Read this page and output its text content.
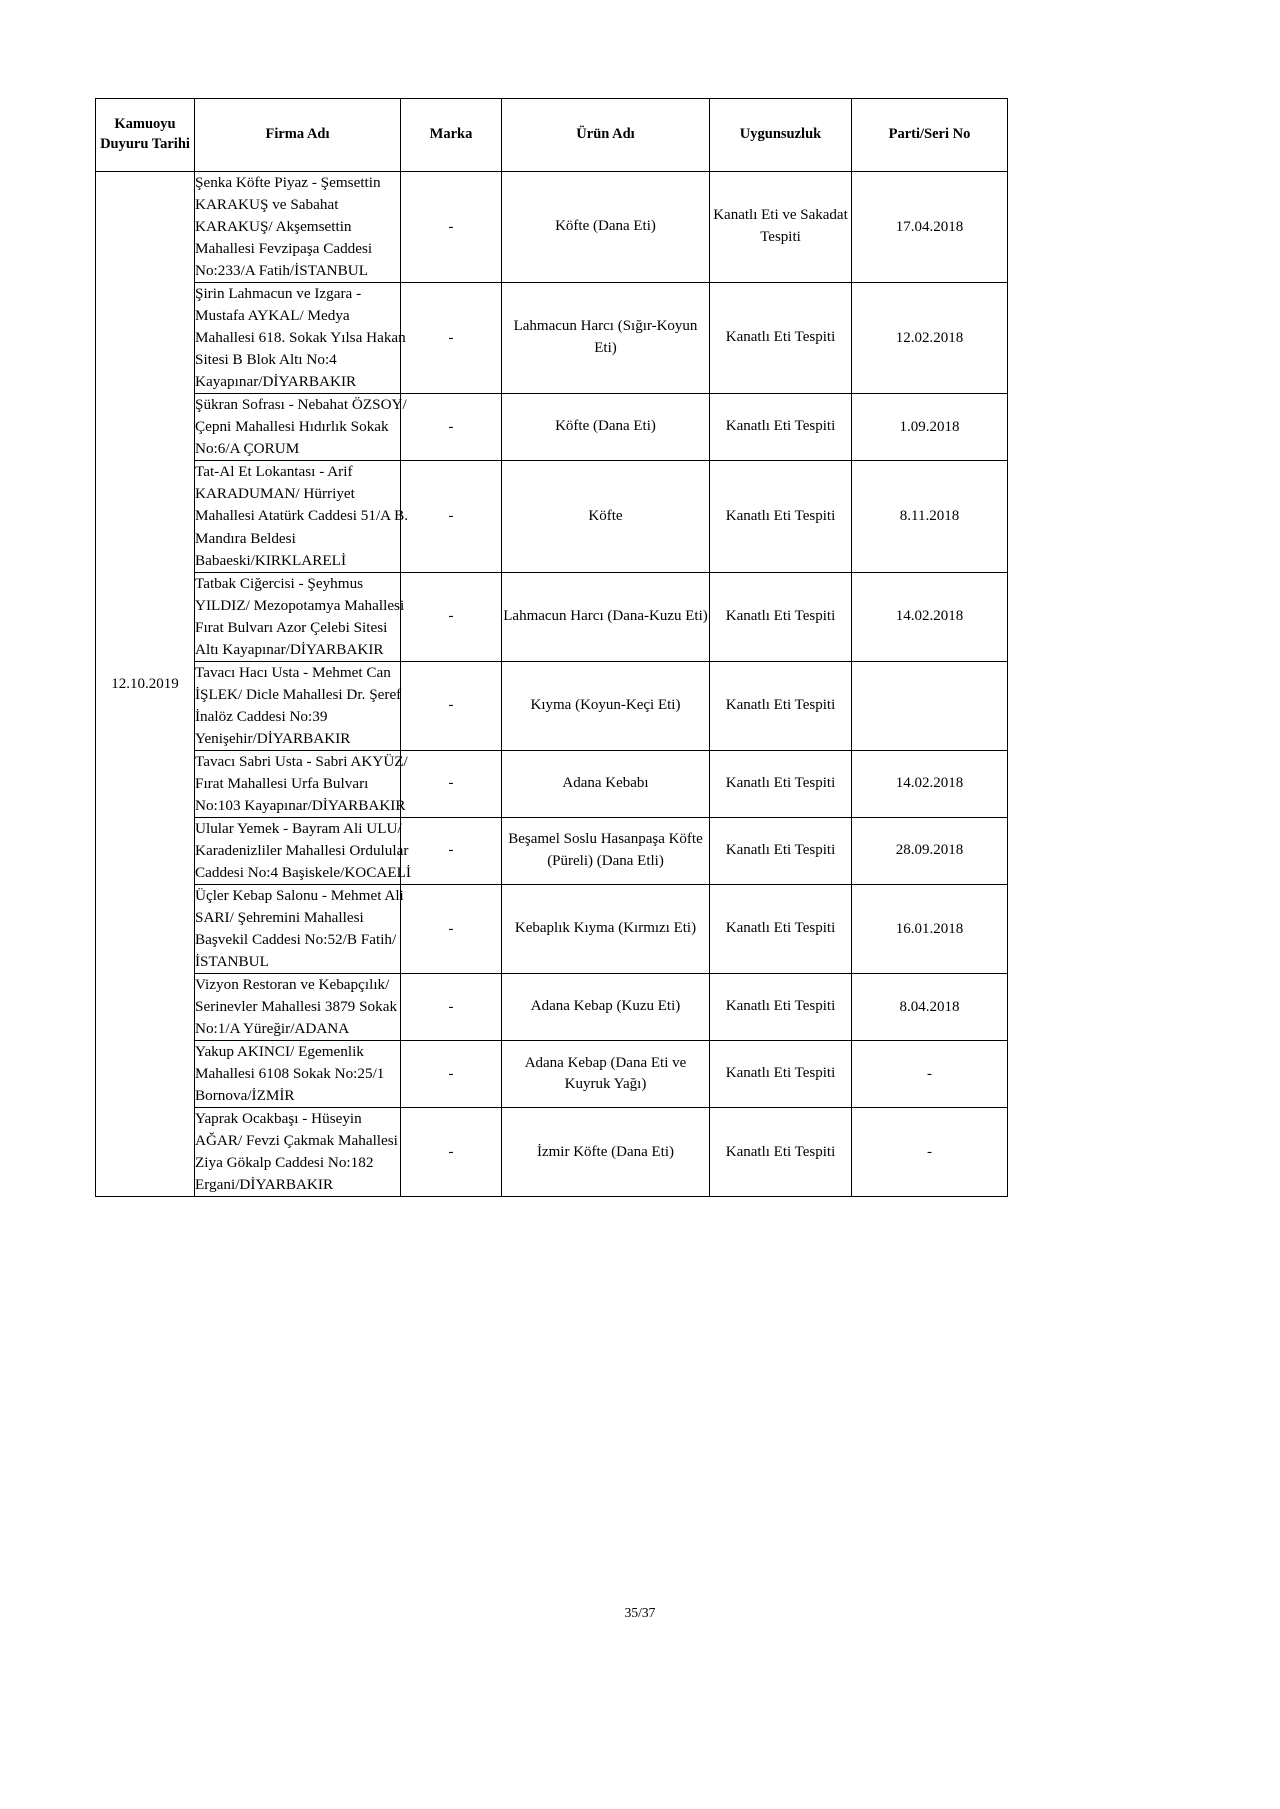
Kamuoyu
Duyuru Tarihi	Firma Adı	Marka	Ürün Adı	Uygunsuzluk	Parti/Seri No
12.10.2019	Şenka Köfte Piyaz - Şemsettin KARAKUŞ ve Sabahat KARAKUŞ/ Akşemsettin Mahallesi Fevzipaşa Caddesi No:233/A Fatih/İSTANBUL	-	Köfte (Dana Eti)	Kanatlı Eti ve Sakadat Tespiti	17.04.2018

	Şirin Lahmacun ve Izgara - Mustafa AYKAL/ Medya Mahallesi 618. Sokak Yılsa Hakan Sitesi B Blok Altı No:4 Kayapınar/DİYARBAKIR	-	Lahmacun Harcı (Sığır-Koyun Eti)	Kanatlı Eti Tespiti	12.02.2018

	Şükran Sofrası - Nebahat ÖZSOY/ Çepni Mahallesi Hıdırlık Sokak No:6/A ÇORUM	-	Köfte (Dana Eti)	Kanatlı Eti Tespiti	1.09.2018

	Tat-Al Et Lokantası - Arif KARADUMAN/ Hürriyet Mahallesi Atatürk Caddesi 51/A B. Mandıra Beldesi Babaeski/KIRKLARELİ	-	Köfte	Kanatlı Eti Tespiti	8.11.2018

	Tatbak Ciğercisi - Şeyhmus YILDIZ/ Mezopotamya Mahallesi Fırat Bulvarı Azor Çelebi Sitesi Altı Kayapınar/DİYARBAKIR	-	Lahmacun Harcı (Dana-Kuzu Eti)	Kanatlı Eti Tespiti	14.02.2018

	Tavacı Hacı Usta - Mehmet Can İŞLEK/ Dicle Mahallesi Dr. Şeref İnalöz Caddesi No:39 Yenişehir/DİYARBAKIR	-	Kıyma (Koyun-Keçi Eti)	Kanatlı Eti Tespiti	

	Tavacı Sabri Usta - Sabri AKYÜZ/ Fırat Mahallesi Urfa Bulvarı No:103 Kayapınar/DİYARBAKIR	-	Adana Kebabı	Kanatlı Eti Tespiti	14.02.2018

	Ulular Yemek - Bayram Ali ULU/ Karadenizliler Mahallesi Ordulular Caddesi No:4 Başiskele/KOCAELİ	-	Beşamel Soslu Hasanpaşa Köfte (Püreli) (Dana Etli)	Kanatlı Eti Tespiti	28.09.2018

	Üçler Kebap Salonu - Mehmet Ali SARI/ Şehremini Mahallesi Başvekil Caddesi No:52/B Fatih/İSTANBUL	-	Kebaplık Kıyma (Kırmızı Eti)	Kanatlı Eti Tespiti	16.01.2018

	Vizyon Restoran ve Kebapçılık/ Serinevler Mahallesi 3879 Sokak No:1/A Yüreğir/ADANA	-	Adana Kebap (Kuzu Eti)	Kanatlı Eti Tespiti	8.04.2018

	Yakup AKINCI/ Egemenlik Mahallesi 6108 Sokak No:25/1 Bornova/İZMİR	-	Adana Kebap (Dana Eti ve Kuyruk Yağı)	Kanatlı Eti Tespiti	-

	Yaprak Ocakbaşı - Hüseyin AĞAR/ Fevzi Çakmak Mahallesi Ziya Gökalp Caddesi No:182 Ergani/DİYARBAKIR	-	İzmir Köfte (Dana Eti)	Kanatlı Eti Tespiti	-
35/37
